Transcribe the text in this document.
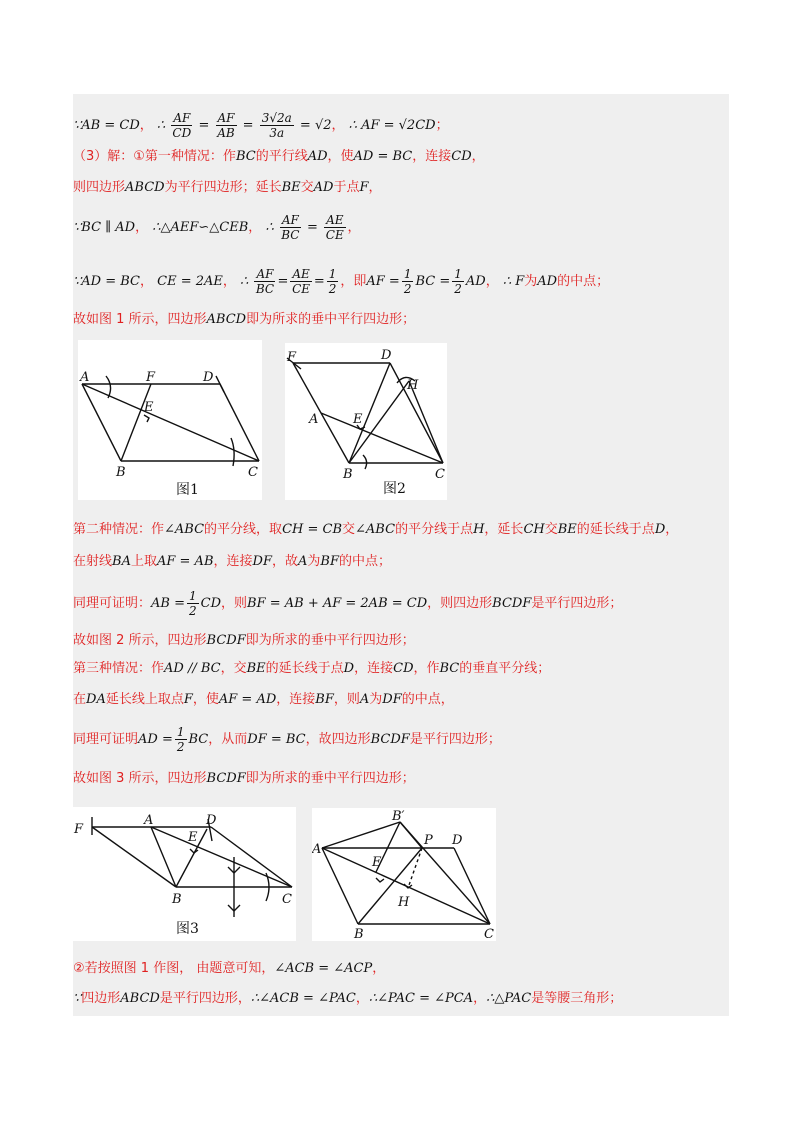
∵AB = CD， ∴ $\frac{AF}{CD} = \frac{AF}{AB} = \frac{3√2a}{3a} = √2$， ∴ AF = √2CD；
（3）解：①第一种情况：作BC的平行线AD，使AD = BC，连接CD，
则四边形ABCD为平行四边形；延长BE交AD于点F，
∵BC ∥ AD， ∴△AEF∽△CEB， ∴ $\frac{AF}{BC} = \frac{AE}{CE}$ ，
∵AD = BC， CE = 2AE， ∴ $\frac{AF}{BC} = \frac{AE}{CE} = \frac{1}{2}$ ，即AF = $\frac{1}{2}$ BC = $\frac{1}{2}$ AD， ∴ F为AD的中点；
故如图 1 所示，四边形ABCD即为所求的垂中平行四边形；
A	F	D
E
B	C
图1
F	D
H
A	E
B	C
图2
第二种情况：作∠ABC的平分线，取CH = CB交∠ABC的平分线于点H，延长CH交BE的延长线于点D，
在射线BA上取AF = AB，连接DF，故A为BF的中点；
同理可证明：AB = $\frac{1}{2}$ CD，则BF = AB + AF = 2AB = CD，则四边形BCDF是平行四边形；
故如图 2 所示，四边形BCDF即为所求的垂中平行四边形；
第三种情况：作AD // BC，交BE的延长线于点D，连接CD，作BC的垂直平分线；
在DA延长线上取点F，使AF = AD，连接BF，则A为DF的中点，
同理可证明AD = $\frac{1}{2}$ BC，从而DF = BC，故四边形BCDF是平行四边形；
故如图 3 所示，四边形BCDF即为所求的垂中平行四边形；
F
A	D
E
B	C
图3
B′
P D
A
E
H
B	C
②若按照图 1 作图， 由题意可知，∠ACB = ∠ACP，
∵四边形ABCD是平行四边形，∴∠ACB = ∠PAC，∴∠PAC = ∠PCA，∴△PAC是等腰三角形；
